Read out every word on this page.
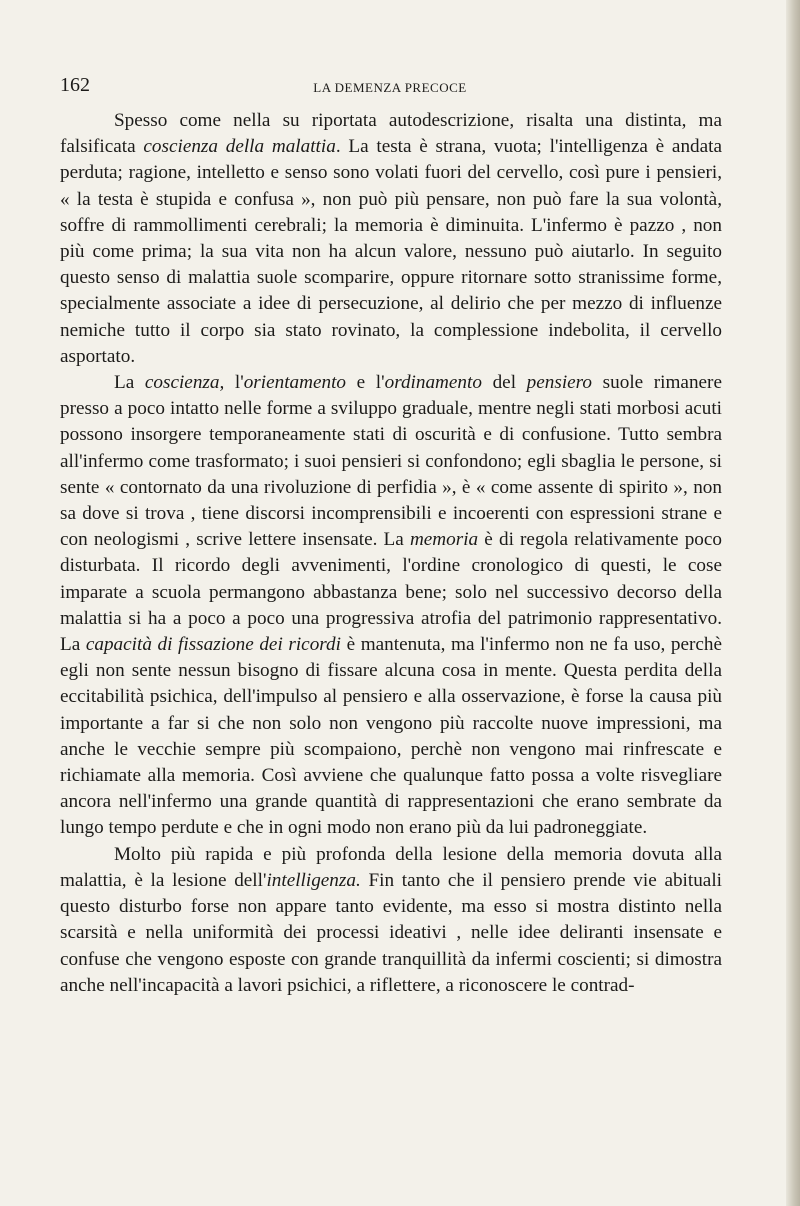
162	LA DEMENZA PRECOCE

Spesso come nella su riportata autodescrizione, risalta una distinta, ma falsificata coscienza della malattia. La testa è strana, vuota; l'intelligenza è andata perduta; ragione, intelletto e senso sono volati fuori del cervello, così pure i pensieri, « la testa è stupida e confusa », non può più pensare, non può fare la sua volontà, soffre di rammollimenti cerebrali; la memoria è diminuita. L'infermo è pazzo , non più come prima; la sua vita non ha alcun valore, nessuno può aiutarlo. In seguito questo senso di malattia suole scomparire, oppure ritornare sotto stranissime forme, specialmente associate a idee di persecuzione, al delirio che per mezzo di influenze nemiche tutto il corpo sia stato rovinato, la complessione indebolita, il cervello asportato.

La coscienza, l'orientamento e l'ordinamento del pensiero suole rimanere presso a poco intatto nelle forme a sviluppo graduale, mentre negli stati morbosi acuti possono insorgere temporaneamente stati di oscurità e di confusione. Tutto sembra all'infermo come trasformato; i suoi pensieri si confondono; egli sbaglia le persone, si sente « contornato da una rivoluzione di perfidia », è « come assente di spirito », non sa dove si trova , tiene discorsi incomprensibili e incoerenti con espressioni strane e con neologismi , scrive lettere insensate. La memoria è di regola relativamente poco disturbata. Il ricordo degli avvenimenti, l'ordine cronologico di questi, le cose imparate a scuola permangono abbastanza bene; solo nel successivo decorso della malattia si ha a poco a poco una progressiva atrofia del patrimonio rappresentativo. La capacità di fissazione dei ricordi è mantenuta, ma l'infermo non ne fa uso, perchè egli non sente nessun bisogno di fissare alcuna cosa in mente. Questa perdita della eccitabilità psichica, dell'impulso al pensiero e alla osservazione, è forse la causa più importante a far si che non solo non vengono più raccolte nuove impressioni, ma anche le vecchie sempre più scompaiono, perchè non vengono mai rinfrescate e richiamate alla memoria. Così avviene che qualunque fatto possa a volte risvegliare ancora nell'infermo una grande quantità di rappresentazioni che erano sembrate da lungo tempo perdute e che in ogni modo non erano più da lui padroneggiate.

Molto più rapida e più profonda della lesione della memoria dovuta alla malattia, è la lesione dell'intelligenza. Fin tanto che il pensiero prende vie abituali questo disturbo forse non appare tanto evidente, ma esso si mostra distinto nella scarsità e nella uniformità dei processi ideativi , nelle idee deliranti insensate e confuse che vengono esposte con grande tranquillità da infermi coscienti; si dimostra anche nell'incapacità a lavori psichici, a riflettere, a riconoscere le contrad-
